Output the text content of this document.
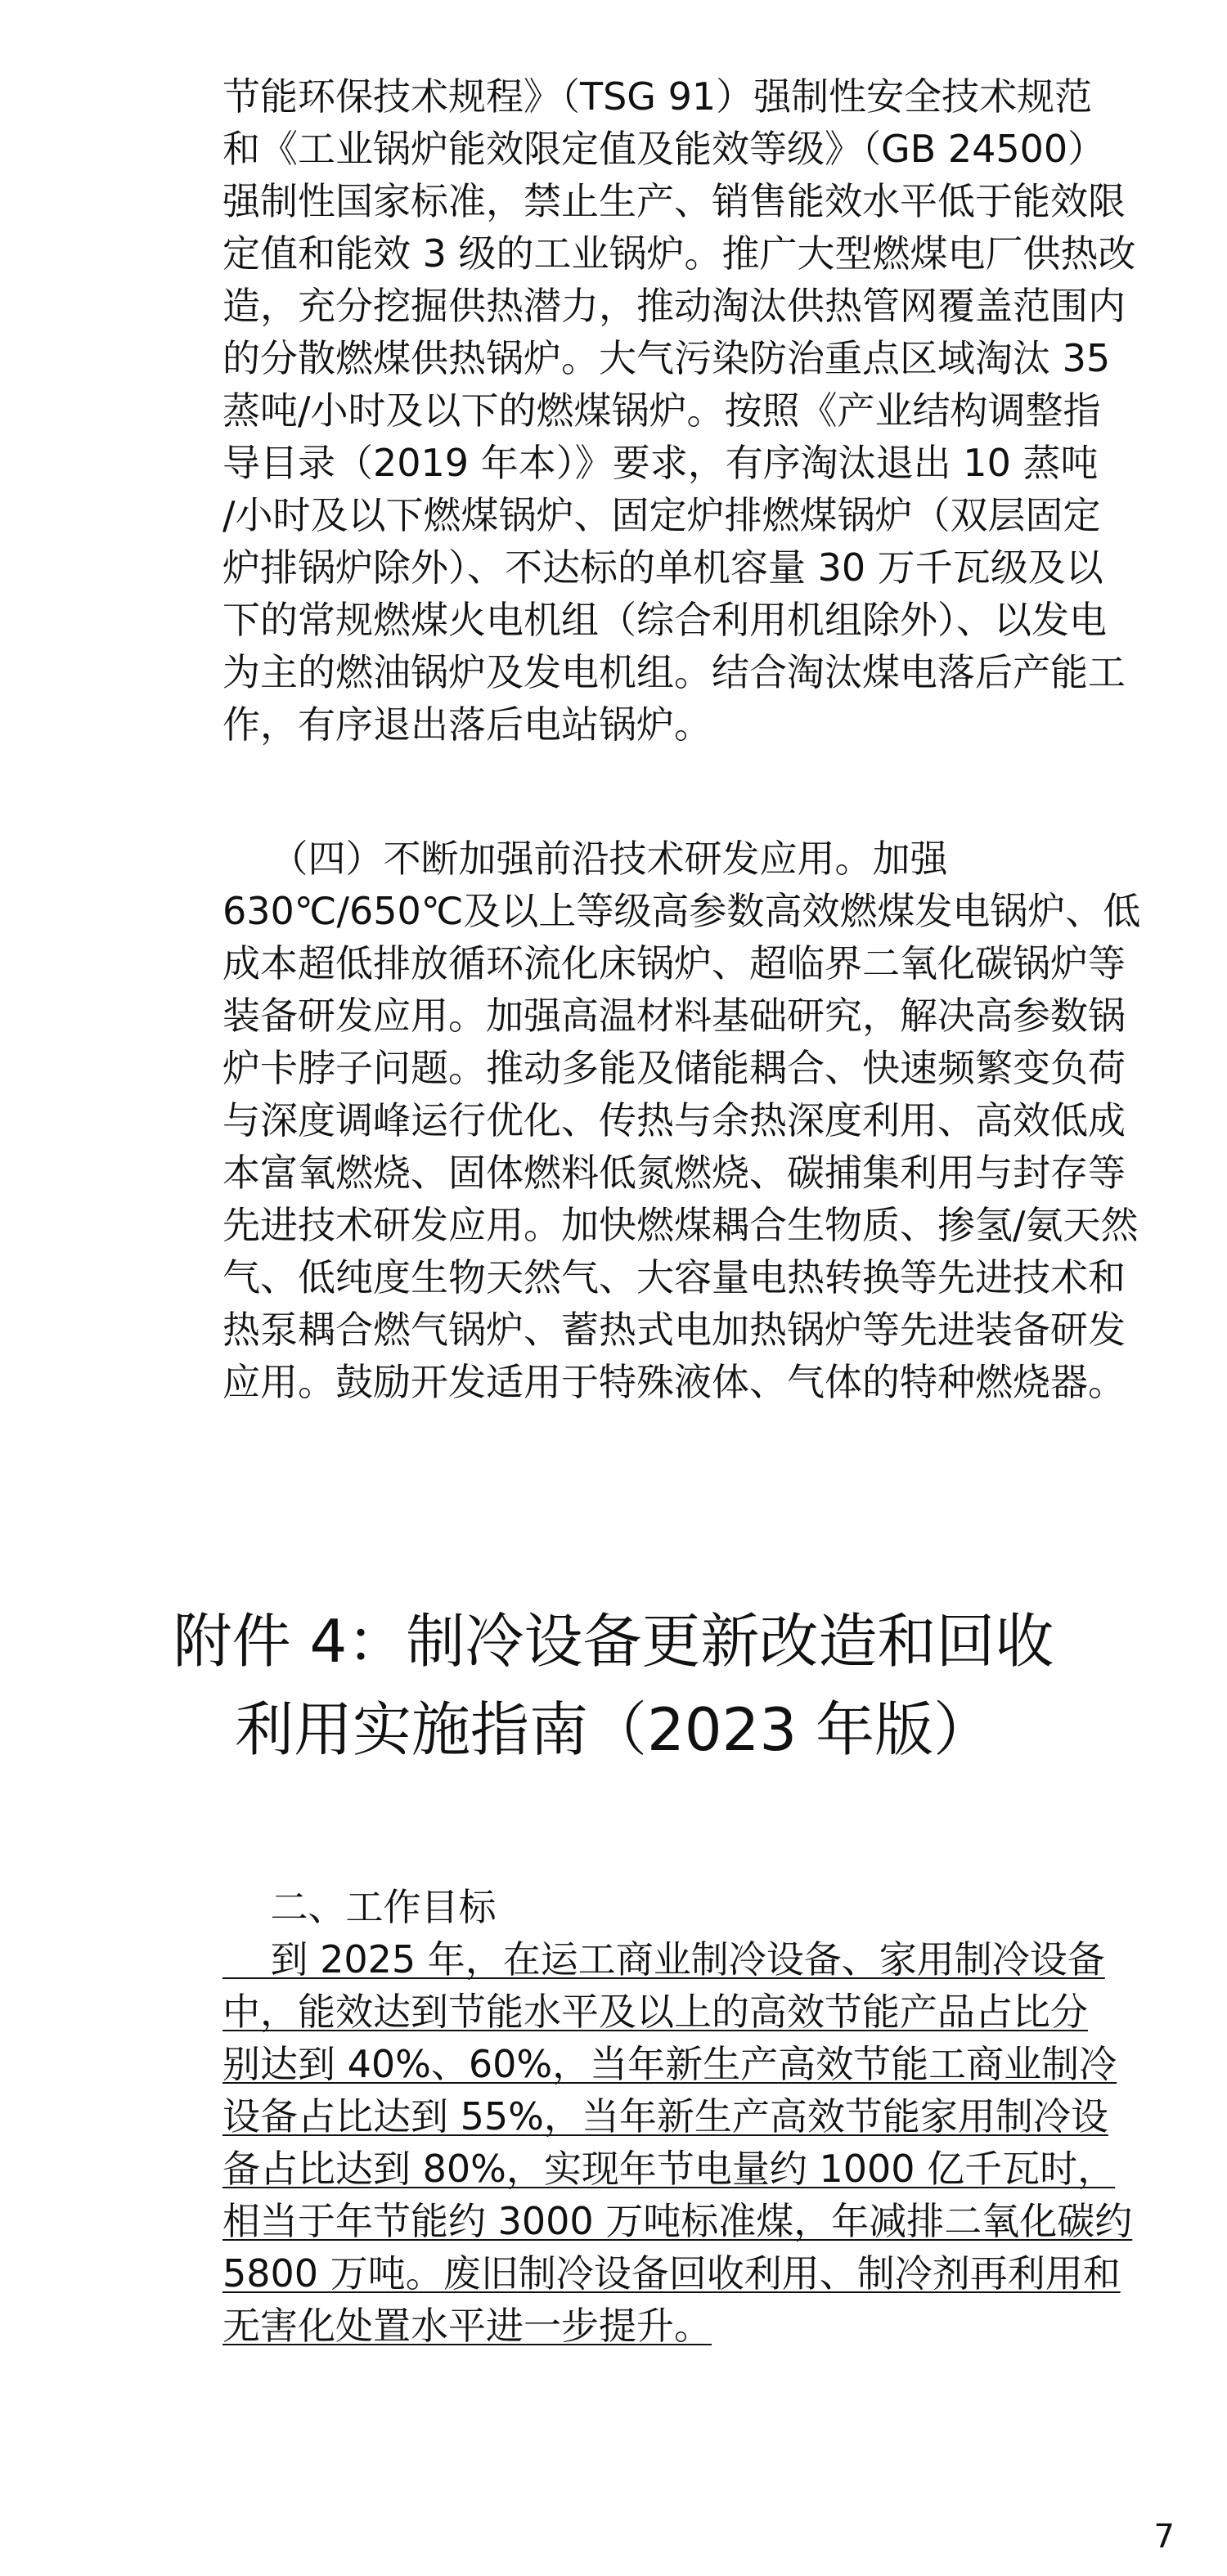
节能环保技术规程》（TSG 91）强制性安全技术规范

和《工业锅炉能效限定值及能效等级》（GB 24500）

强制性国家标准，禁止生产、销售能效水平低于能效限

定值和能效 3 级的工业锅炉。推广大型燃煤电厂供热改

造，充分挖掘供热潜力，推动淘汰供热管网覆盖范围内

的分散燃煤供热锅炉。大气污染防治重点区域淘汰 35

蒸吨/小时及以下的燃煤锅炉。按照《产业结构调整指

导目录（2019 年本）》要求，有序淘汰退出 10 蒸吨

/小时及以下燃煤锅炉、固定炉排燃煤锅炉（双层固定

炉排锅炉除外）、不达标的单机容量 30 万千瓦级及以

下的常规燃煤火电机组（综合利用机组除外）、以发电

为主的燃油锅炉及发电机组。结合淘汰煤电落后产能工

作，有序退出落后电站锅炉。

（四）不断加强前沿技术研发应用。加强

630℃/650℃及以上等级高参数高效燃煤发电锅炉、低

成本超低排放循环流化床锅炉、超临界二氧化碳锅炉等

装备研发应用。加强高温材料基础研究，解决高参数锅

炉卡脖子问题。推动多能及储能耦合、快速频繁变负荷

与深度调峰运行优化、传热与余热深度利用、高效低成

本富氧燃烧、固体燃料低氮燃烧、碳捕集利用与封存等

先进技术研发应用。加快燃煤耦合生物质、掺氢/氨天然

气、低纯度生物天然气、大容量电热转换等先进技术和

热泵耦合燃气锅炉、蓄热式电加热锅炉等先进装备研发

应用。鼓励开发适用于特殊液体、气体的特种燃烧器。

附件 4：制冷设备更新改造和回收
利用实施指南（2023 年版）

二、工作目标

到 2025 年，在运工商业制冷设备、家用制冷设备

中，能效达到节能水平及以上的高效节能产品占比分

别达到 40%、60%，当年新生产高效节能工商业制冷

设备占比达到 55%，当年新生产高效节能家用制冷设

备占比达到 80%，实现年节电量约 1000 亿千瓦时，

相当于年节能约 3000 万吨标准煤，年减排二氧化碳约

5800 万吨。废旧制冷设备回收利用、制冷剂再利用和

无害化处置水平进一步提升。

7
